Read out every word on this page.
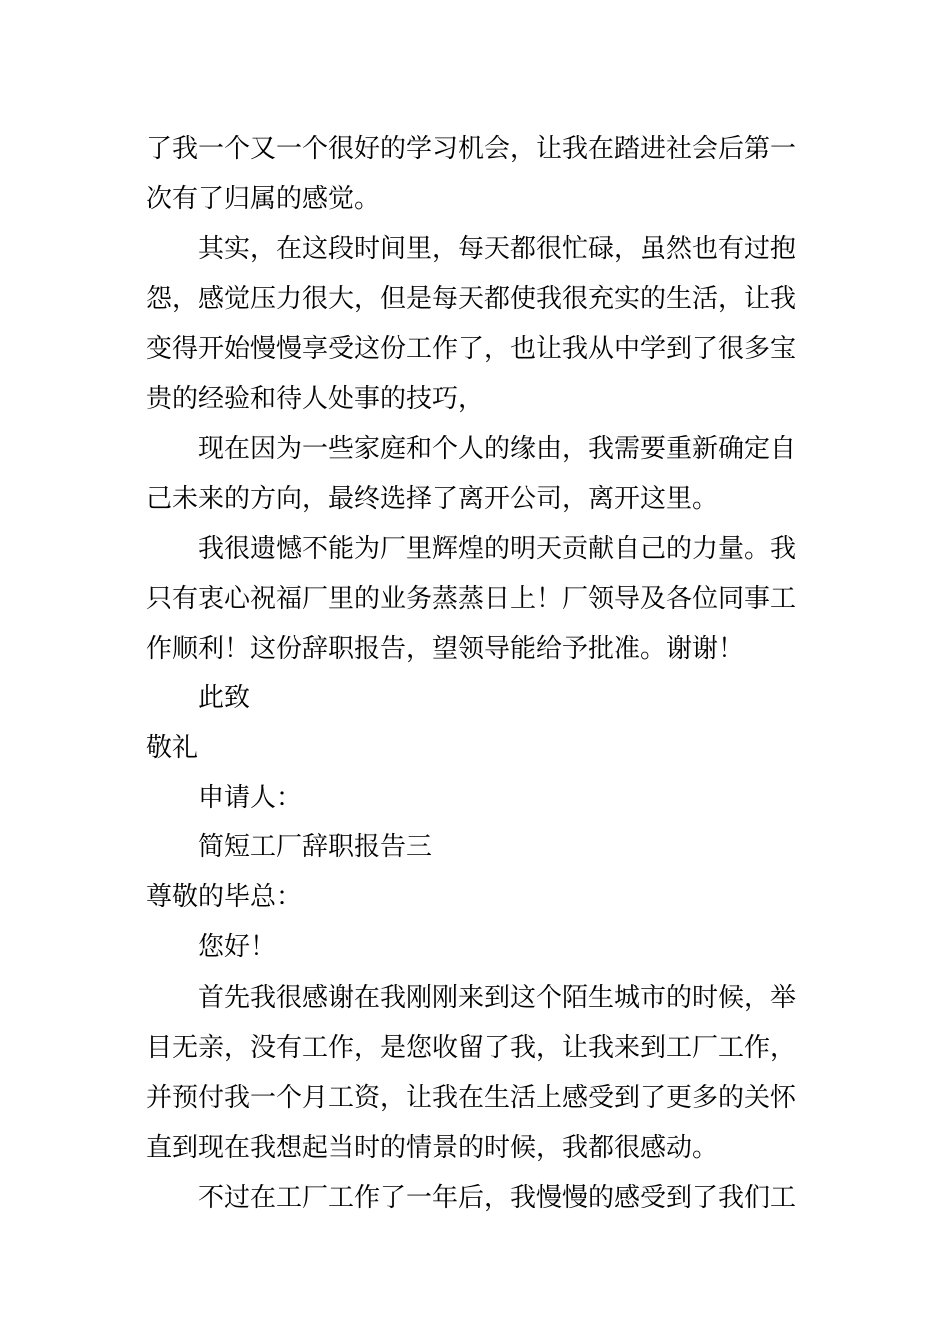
了我一个又一个很好的学习机会，让我在踏进社会后第一
次有了归属的感觉。
其实，在这段时间里，每天都很忙碌，虽然也有过抱
怨，感觉压力很大，但是每天都使我很充实的生活，让我
变得开始慢慢享受这份工作了，也让我从中学到了很多宝
贵的经验和待人处事的技巧，
现在因为一些家庭和个人的缘由，我需要重新确定自
己未来的方向，最终选择了离开公司，离开这里。
我很遗憾不能为厂里辉煌的明天贡献自己的力量。我
只有衷心祝福厂里的业务蒸蒸日上！厂领导及各位同事工
作顺利！这份辞职报告，望领导能给予批准。谢谢！
此致
敬礼
申请人：
简短工厂辞职报告三
尊敬的毕总：
您好！
首先我很感谢在我刚刚来到这个陌生城市的时候，举
目无亲，没有工作，是您收留了我，让我来到工厂工作，
并预付我一个月工资，让我在生活上感受到了更多的关怀
直到现在我想起当时的情景的时候，我都很感动。
不过在工厂工作了一年后，我慢慢的感受到了我们工
